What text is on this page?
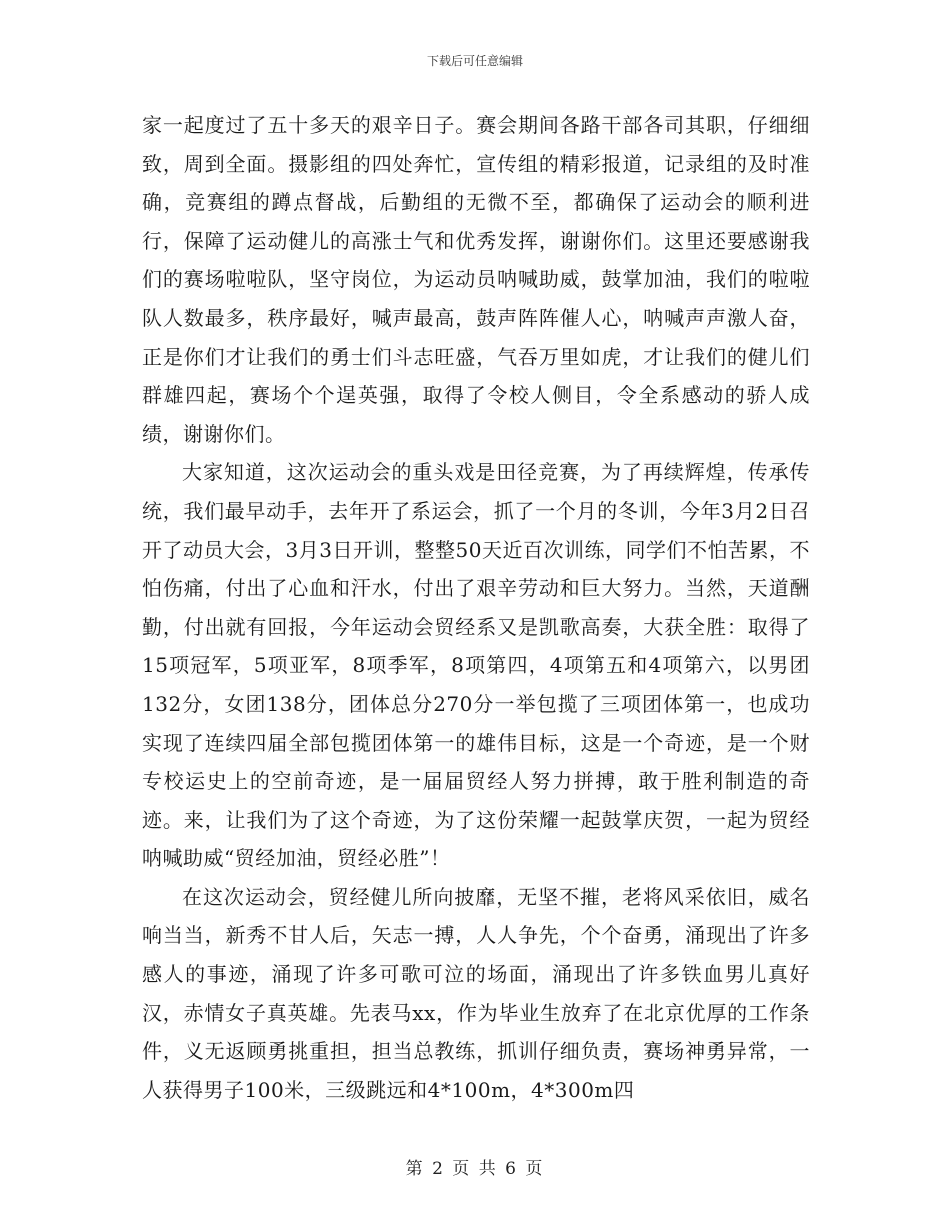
下载后可任意编辑

家一起度过了五十多天的艰辛日子。赛会期间各路干部各司其职，仔细细致，周到全面。摄影组的四处奔忙，宣传组的精彩报道，记录组的及时准确，竞赛组的蹲点督战，后勤组的无微不至，都确保了运动会的顺利进行，保障了运动健儿的高涨士气和优秀发挥，谢谢你们。这里还要感谢我们的赛场啦啦队，坚守岗位，为运动员呐喊助威，鼓掌加油，我们的啦啦队人数最多，秩序最好，喊声最高，鼓声阵阵催人心，呐喊声声激人奋，正是你们才让我们的勇士们斗志旺盛，气吞万里如虎，才让我们的健儿们群雄四起，赛场个个逞英强，取得了令校人侧目，令全系感动的骄人成绩，谢谢你们。

大家知道，这次运动会的重头戏是田径竞赛，为了再续辉煌，传承传统，我们最早动手，去年开了系运会，抓了一个月的冬训，今年3月2日召开了动员大会，3月3日开训，整整50天近百次训练，同学们不怕苦累，不怕伤痛，付出了心血和汗水，付出了艰辛劳动和巨大努力。当然，天道酬勤，付出就有回报，今年运动会贸经系又是凯歌高奏，大获全胜：取得了15项冠军，5项亚军，8项季军，8项第四，4项第五和4项第六，以男团132分，女团138分，团体总分270分一举包揽了三项团体第一，也成功实现了连续四届全部包揽团体第一的雄伟目标，这是一个奇迹，是一个财专校运史上的空前奇迹，是一届届贸经人努力拼搏，敢于胜利制造的奇迹。来，让我们为了这个奇迹，为了这份荣耀一起鼓掌庆贺，一起为贸经呐喊助威“贸经加油，贸经必胜”！

在这次运动会，贸经健儿所向披靡，无坚不摧，老将风采依旧，威名响当当，新秀不甘人后，矢志一搏，人人争先，个个奋勇，涌现出了许多感人的事迹，涌现了许多可歌可泣的场面，涌现出了许多铁血男儿真好汉，赤情女子真英雄。先表马xx，作为毕业生放弃了在北京优厚的工作条件，义无返顾勇挑重担，担当总教练，抓训仔细负责，赛场神勇异常，一人获得男子100米，三级跳远和4*100m，4*300m四

第 2 页 共 6 页
